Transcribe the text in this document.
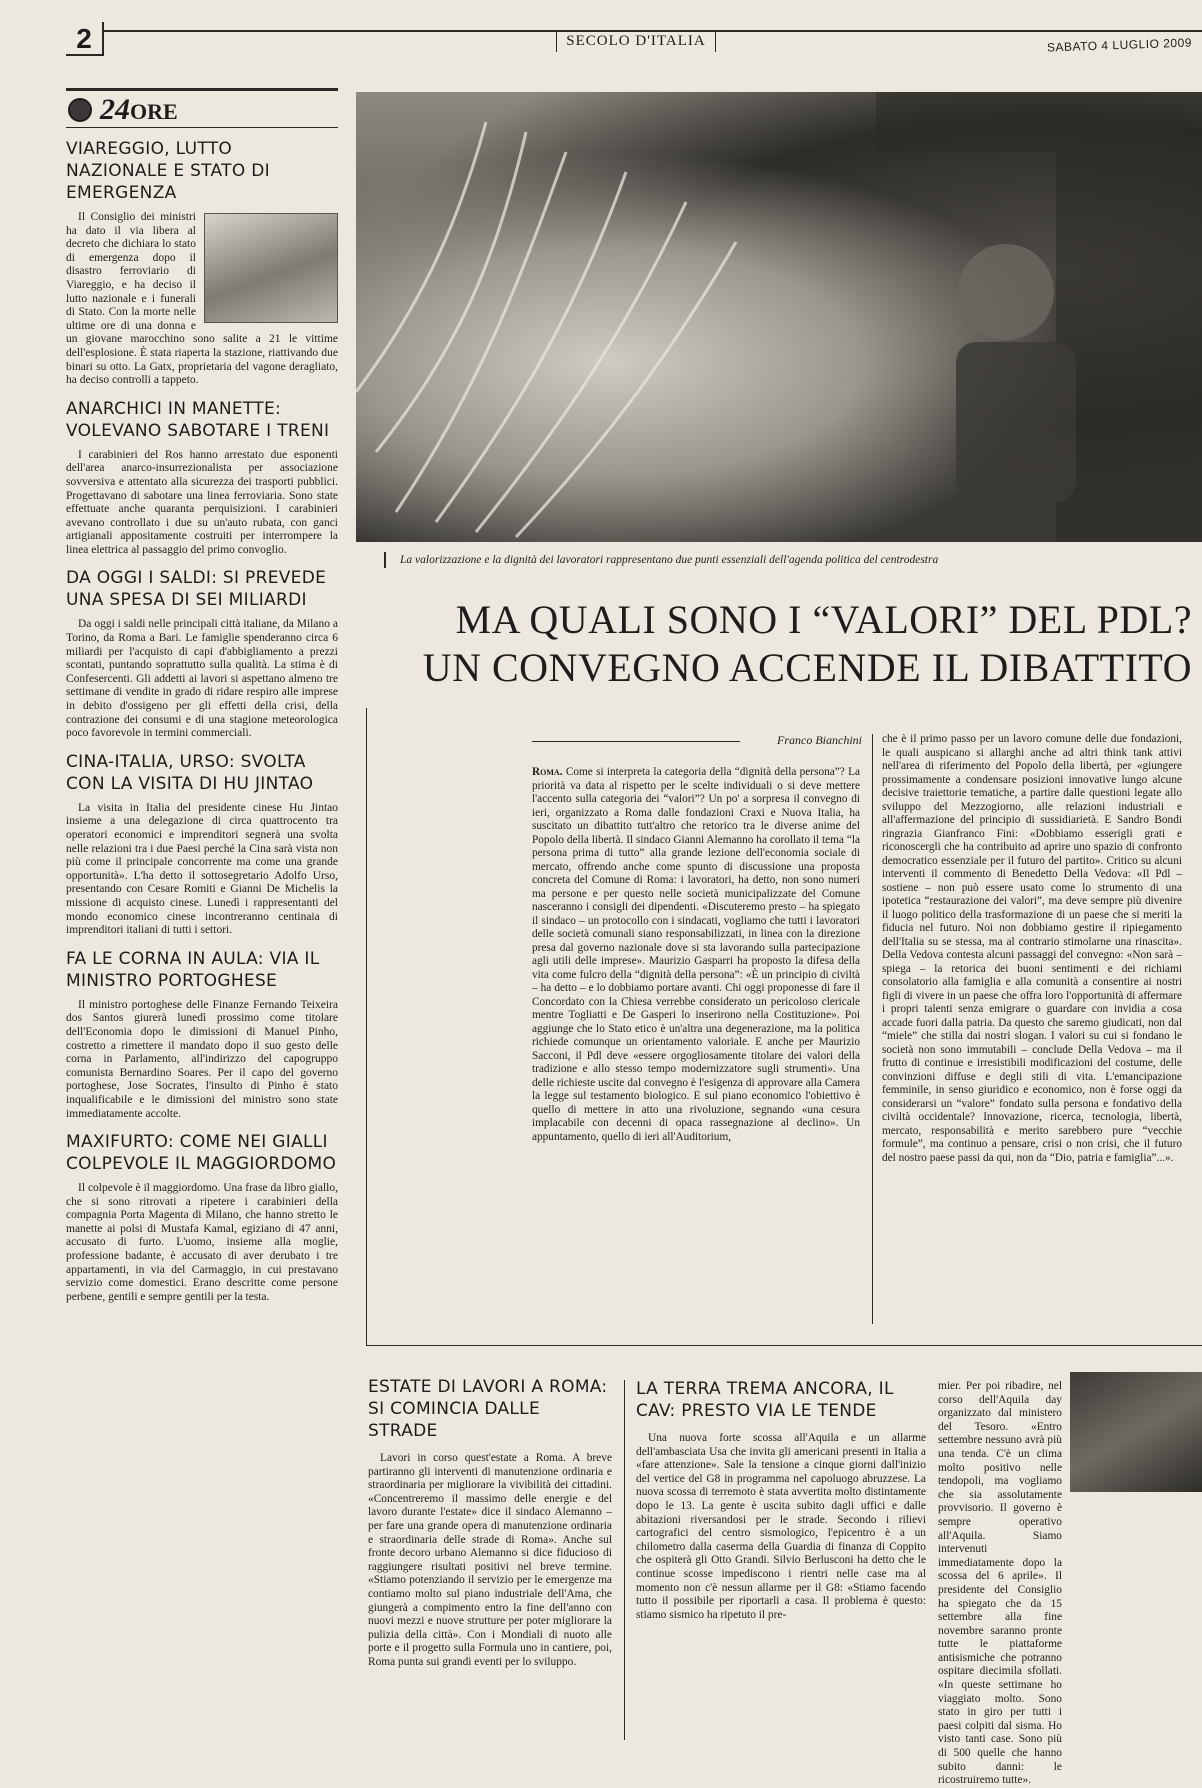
2	SECOLO D'ITALIA	SABATO 4 LUGLIO 2009
24ORE
VIAREGGIO, LUTTO NAZIONALE E STATO DI EMERGENZA

Il Consiglio dei ministri ha dato il via libera al decreto che dichiara lo stato di emergenza dopo il disastro ferroviario di Viareggio, e ha deciso il lutto nazionale e i funerali di Stato. Con la morte nelle ultime ore di una donna e un giovane marocchino sono salite a 21 le vittime dell'esplosione. È stata riaperta la stazione, riattivando due binari su otto. La Gatx, proprietaria del vagone deragliato, ha deciso controlli a tappeto.

ANARCHICI IN MANETTE: VOLEVANO SABOTARE I TRENI

I carabinieri del Ros hanno arrestato due esponenti dell'area anarco-insurrezionalista per associazione sovversiva e attentato alla sicurezza dei trasporti pubblici. Progettavano di sabotare una linea ferroviaria. Sono state effettuate anche quaranta perquisizioni. I carabinieri avevano controllato i due su un'auto rubata, con ganci artigianali appositamente costruiti per interrompere la linea elettrica al passaggio del primo convoglio.

DA OGGI I SALDI: SI PREVEDE UNA SPESA DI SEI MILIARDI

Da oggi i saldi nelle principali città italiane, da Milano a Torino, da Roma a Bari. Le famiglie spenderanno circa 6 miliardi per l'acquisto di capi d'abbigliamento a prezzi scontati, puntando soprattutto sulla qualità. La stima è di Confesercenti. Gli addetti ai lavori si aspettano almeno tre settimane di vendite in grado di ridare respiro alle imprese in debito d'ossigeno per gli effetti della crisi, della contrazione dei consumi e di una stagione meteorologica poco favorevole in termini commerciali.

CINA-ITALIA, URSO: SVOLTA CON LA VISITA DI HU JINTAO

La visita in Italia del presidente cinese Hu Jintao insieme a una delegazione di circa quattrocento tra operatori economici e imprenditori segnerà una svolta nelle relazioni tra i due Paesi perché la Cina sarà vista non più come il principale concorrente ma come una grande opportunità». L'ha detto il sottosegretario Adolfo Urso, presentando con Cesare Romiti e Gianni De Michelis la missione di acquisto cinese. Lunedì i rappresentanti del mondo economico cinese incontreranno centinaia di imprenditori italiani di tutti i settori.

FA LE CORNA IN AULA: VIA IL MINISTRO PORTOGHESE

Il ministro portoghese delle Finanze Fernando Teixeira dos Santos giurerà lunedì prossimo come titolare dell'Economia dopo le dimissioni di Manuel Pinho, costretto a rimettere il mandato dopo il suo gesto delle corna in Parlamento, all'indirizzo del capogruppo comunista Bernardino Soares. Per il capo del governo portoghese, Jose Socrates, l'insulto di Pinho è stato inqualificabile e le dimissioni del ministro sono state immediatamente accolte.

MAXIFURTO: COME NEI GIALLI COLPEVOLE IL MAGGIORDOMO

Il colpevole è il maggiordomo. Una frase da libro giallo, che si sono ritrovati a ripetere i carabinieri della compagnia Porta Magenta di Milano, che hanno stretto le manette ai polsi di Mustafa Kamal, egiziano di 47 anni, accusato di furto. L'uomo, insieme alla moglie, professione badante, è accusato di aver derubato i tre appartamenti, in via del Carmaggio, in cui prestavano servizio come domestici. Erano descritte come persone perbene, gentili e sempre gentili per la testa.

La valorizzazione e la dignità dei lavoratori rappresentano due punti essenziali dell'agenda politica del centrodestra
MA QUALI SONO I “VALORI” DEL PDL?
UN CONVEGNO ACCENDE IL DIBATTITO
Franco Bianchini
Roma. Come si interpreta la categoria della “dignità della persona”? La priorità va data al rispetto per le scelte individuali o si deve mettere l'accento sulla categoria dei “valori”? Un po' a sorpresa il convegno di ieri, organizzato a Roma dalle fondazioni Craxi e Nuova Italia, ha suscitato un dibattito tutt'altro che retorico tra le diverse anime del Popolo della libertà. Il sindaco Gianni Alemanno ha corollato il tema “la persona prima di tutto” alla grande lezione dell'economia sociale di mercato, offrendo anche come spunto di discussione una proposta concreta del Comune di Roma: i lavoratori, ha detto, non sono numeri ma persone e per questo nelle società municipalizzate del Comune nasceranno i consigli dei dipendenti. «Discuteremo presto – ha spiegato il sindaco – un protocollo con i sindacati, vogliamo che tutti i lavoratori delle società comunali siano responsabilizzati, in linea con la direzione presa dal governo nazionale dove si sta lavorando sulla partecipazione agli utili delle imprese». Maurizio Gasparri ha proposto la difesa della vita come fulcro della “dignità della persona”: «È un principio di civiltà – ha detto – e lo dobbiamo portare avanti. Chi oggi proponesse di fare il Concordato con la Chiesa verrebbe considerato un pericoloso clericale mentre Togliatti e De Gasperi lo inserirono nella Costituzione». Poi aggiunge che lo Stato etico è un'altra una degenerazione, ma la politica richiede comunque un orientamento valoriale. E anche per Maurizio Sacconi, il Pdl deve «essere orgogliosamente titolare dei valori della tradizione e allo stesso tempo modernizzatore sugli strumenti». Una delle richieste uscite dal convegno è l'esigenza di approvare alla Camera la legge sul testamento biologico. E sul piano economico l'obiettivo è quello di mettere in atto una rivoluzione, segnando «una cesura implacabile con decenni di opaca rassegnazione al declino». Un appuntamento, quello di ieri all'Auditorium,
che è il primo passo per un lavoro comune delle due fondazioni, le quali auspicano si allarghi anche ad altri think tank attivi nell'area di riferimento del Popolo della libertà, per «giungere prossimamente a condensare posizioni innovative lungo alcune decisive traiettorie tematiche, a partire dalle questioni legate allo sviluppo del Mezzogiorno, alle relazioni industriali e all'affermazione del principio di sussidiarietà. E Sandro Bondi ringrazia Gianfranco Fini: «Dobbiamo esserigli grati e riconoscergli che ha contribuito ad aprire uno spazio di confronto democratico essenziale per il futuro del partito». Critico su alcuni interventi il commento di Benedetto Della Vedova: «Il Pdl – sostiene – non può essere usato come lo strumento di una ipotetica “restaurazione dei valori”, ma deve sempre più divenire il luogo politico della trasformazione di un paese che si meriti la fiducia nel futuro. Noi non dobbiamo gestire il ripiegamento dell'Italia su se stessa, ma al contrario stimolarne una rinascita». Della Vedova contesta alcuni passaggi del convegno: «Non sarà – spiega – la retorica dei buoni sentimenti e dei richiami consolatorio alla famiglia e alla comunità a consentire ai nostri figli di vivere in un paese che offra loro l'opportunità di affermare i propri talenti senza emigrare o guardare con invidia a cosa accade fuori dalla patria. Da questo che saremo giudicati, non dal “miele” che stilla dai nostri slogan. I valori su cui si fondano le società non sono immutabili – conclude Della Vedova – ma il frutto di continue e irresistibili modificazioni del costume, delle convinzioni diffuse e degli stili di vita. L'emancipazione femminile, in senso giuridico e economico, non è forse oggi da considerarsi un “valore” fondato sulla persona e fondativo della civiltà occidentale? Innovazione, ricerca, tecnologia, libertà, mercato, responsabilità e merito sarebbero pure “vecchie formule”, ma continuo a pensare, crisi o non crisi, che il futuro del nostro paese passi da qui, non da “Dio, patria e famiglia”...».
ESTATE DI LAVORI A ROMA: SI COMINCIA DALLE STRADE

Lavori in corso quest'estate a Roma. A breve partiranno gli interventi di manutenzione ordinaria e straordinaria per migliorare la vivibilità dei cittadini. «Concentreremo il massimo delle energie e del lavoro durante l'estate» dice il sindaco Alemanno – per fare una grande opera di manutenzione ordinaria e straordinaria delle strade di Roma». Anche sul fronte decoro urbano Alemanno si dice fiducioso di raggiungere risultati positivi nel breve termine. «Stiamo potenziando il servizio per le emergenze ma contiamo molto sul piano industriale dell'Ama, che giungerà a compimento entro la fine dell'anno con nuovi mezzi e nuove strutture per poter migliorare la pulizia della città». Con i Mondiali di nuoto alle porte e il progetto sulla Formula uno in cantiere, poi, Roma punta sui grandi eventi per lo sviluppo.

LA TERRA TREMA ANCORA, IL CAV: PRESTO VIA LE TENDE

Una nuova forte scossa all'Aquila e un allarme dell'ambasciata Usa che invita gli americani presenti in Italia a «fare attenzione». Sale la tensione a cinque giorni dall'inizio del vertice del G8 in programma nel capoluogo abruzzese. La nuova scossa di terremoto è stata avvertita molto distintamente dopo le 13. La gente è uscita subito dagli uffici e dalle abitazioni riversandosi per le strade. Secondo i rilievi cartografici del centro sismologico, l'epicentro è a un chilometro dalla caserma della Guardia di finanza di Coppito che ospiterà gli Otto Grandi. Silvio Berlusconi ha detto che le continue scosse impediscono i rientri nelle case ma al momento non c'è nessun allarme per il G8: «Stiamo facendo tutto il possibile per riportarli a casa. Il problema è questo: stiamo sismico ha ripetuto il pre-

mier. Per poi ribadire, nel corso dell'Aquila day organizzato dal ministero del Tesoro. «Entro settembre nessuno avrà più una tenda. C'è un clima molto positivo nelle tendopoli, ma vogliamo che sia assolutamente provvisorio. Il governo è sempre operativo all'Aquila. Siamo intervenuti immediatamente dopo la scossa del 6 aprile». Il presidente del Consiglio ha spiegato che da 15 settembre alla fine novembre saranno pronte tutte le piattaforme antisismiche che potranno ospitare diecimila sfollati. «In queste settimane ho viaggiato molto. Sono stato in giro per tutti i paesi colpiti dal sisma. Ho visto tanti case. Sono più di 500 quelle che hanno subito danni: le ricostruiremo tutte».
